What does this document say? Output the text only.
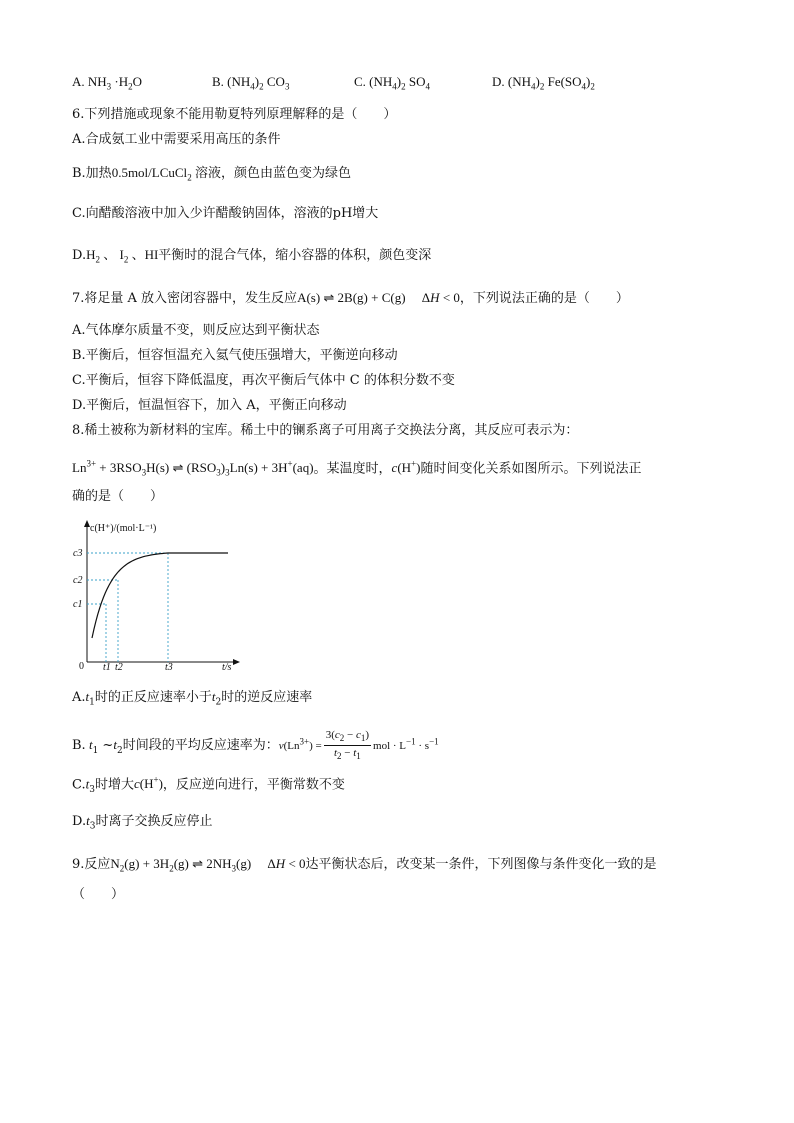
A. $NH_3 \cdot H_2O$	B. $(NH_4)_2$ $CO_3$	C. $(NH_4)_2$ $SO_4$	D. $(NH_4)_2$ $Fe(SO_4)_2$
6.下列措施或现象不能用勒夏特列原理解释的是（　　）
A.合成氨工业中需要采用高压的条件
B.加热0.5mol/LCuCl$_2$ 溶液，颜色由蓝色变为绿色
C.向醋酸溶液中加入少许醋酸钠固体，溶液的pH增大
$D.H_2$ 、 $I_2$ 、HI平衡时的混合气体，缩小容器的体积，颜色变深
7.将足量 A 放入密闭容器中，发生反应A(s) ⇌ 2B(g) + C(g)　 ΔH < 0，下列说法正确的是（　　）
A.气体摩尔质量不变，则反应达到平衡状态
B.平衡后，恒容恒温充入氦气使压强增大，平衡逆向移动
C.平衡后，恒容下降低温度，再次平衡后气体中 C 的体积分数不变
D.平衡后，恒温恒容下，加入 A，平衡正向移动
8.稀土被称为新材料的宝库。稀土中的镧系离子可用离子交换法分离，其反应可表示为：
$Ln^{3+} + 3RSO_3H(s)$ ⇌ $(RSO_3)_3Ln(s) + 3H^+(aq)$。某温度时，c(H+)随时间变化关系如图所示。下列说法正
确的是（　　）
c(H⁺)/(mol·L⁻¹)
t/s
0
c1
c2
c3
t1 t2	t3
$A.t_1$时的正反应速率小于$t_2$时的逆反应速率
B. $t_1$ $\sim t_2$时间段的平均反应速率为：$v(Ln^{3+}) = \frac{3(c_2 - c_1)}{t_2 - t_1}$ mol · $L^{-1} \cdot s^{-1}$
$C.t_3$时增大c(H+)，反应逆向进行，平衡常数不变
$D.t_3$时离子交换反应停止
9.反应$N_2(g) + 3H_2(g)$ ⇌ $2NH_3(g)$　 ΔH < 0达平衡状态后，改变某一条件，下列图像与条件变化一致的是
（　　）
